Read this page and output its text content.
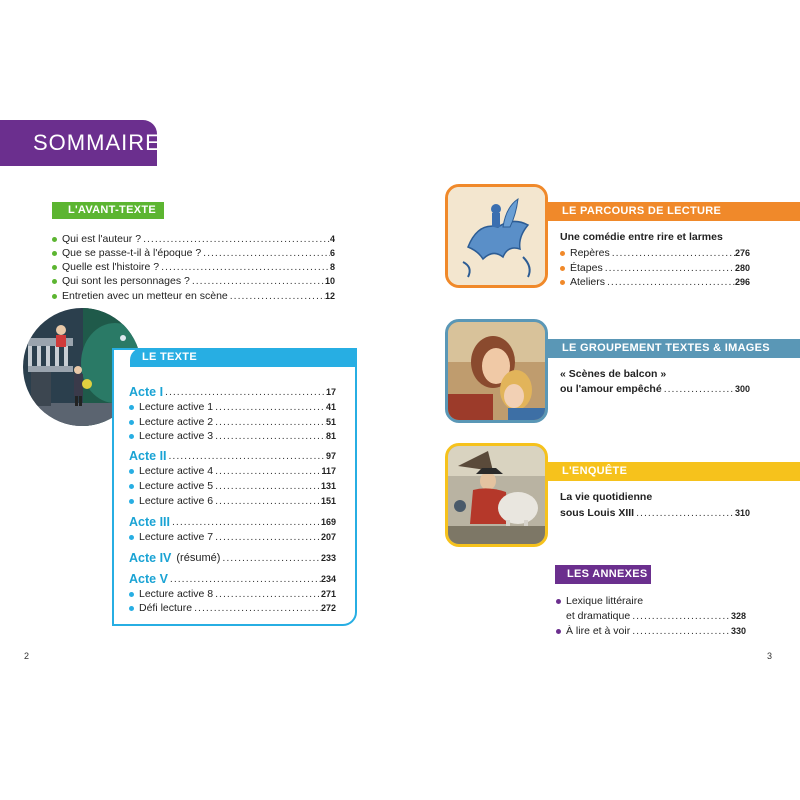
SOMMAIRE
L'AVANT-TEXTE
Qui est l'auteur ? .....	4
Que se passe-t-il à l'époque ? .....	6
Quelle est l'histoire ? .....	8
Qui sont les personnages ? .....	10
Entretien avec un metteur en scène .....	12
LE TEXTE
Acte I .....	17
Lecture active 1 .....	41
Lecture active 2 .....	51
Lecture active 3 .....	81
Acte II .....	97
Lecture active 4 .....	117
Lecture active 5 .....	131
Lecture active 6 .....	151
Acte III .....	169
Lecture active 7 .....	207
Acte IV (résumé) .....	233
Acte V .....	234
Lecture active 8 .....	271
Défi lecture .....	272
2
LE PARCOURS DE LECTURE
Une comédie entre rire et larmes
Repères .....	276
Étapes .....	280
Ateliers .....	296
LE GROUPEMENT TEXTES & IMAGES
« Scènes de balcon »
ou l'amour empêché .....	300
L'ENQUÊTE
La vie quotidienne
sous Louis XIII .....	310
LES ANNEXES
Lexique littéraire
et dramatique .....	328
À lire et à voir .....	330
3
